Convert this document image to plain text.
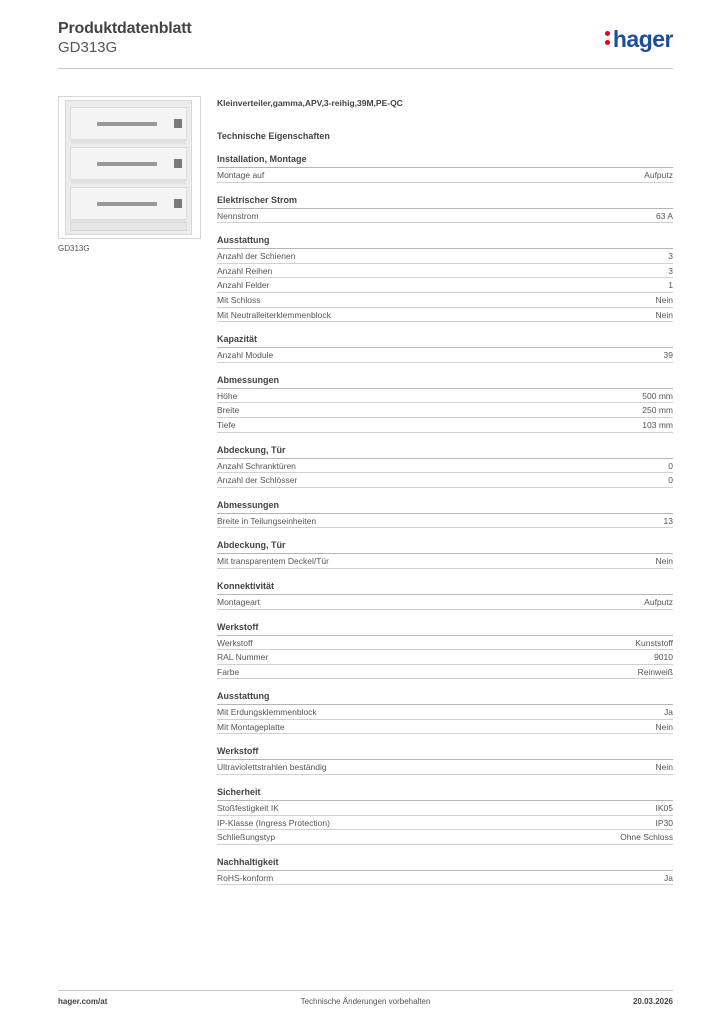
Produktdatenblatt
GD313G	hager
GD313G
Kleinverteiler,gamma,APV,3-reihig,39M,PE-QC
Technische Eigenschaften
Installation, Montage
Montage auf	Aufputz
Elektrischer Strom
Nennstrom	63 A
Ausstattung
Anzahl der Schienen	3
Anzahl Reihen	3
Anzahl Felder	1
Mit Schloss	Nein
Mit Neutralleiterklemmenblock	Nein
Kapazität
Anzahl Module	39
Abmessungen
Höhe	500 mm
Breite	250 mm
Tiefe	103 mm
Abdeckung, Tür
Anzahl Schranktüren	0
Anzahl der Schlösser	0
Abmessungen
Breite in Teilungseinheiten	13
Abdeckung, Tür
Mit transparentem Deckel/Tür	Nein
Konnektivität
Montageart	Aufputz
Werkstoff
Werkstoff	Kunststoff
RAL Nummer	9010
Farbe	Reinweiß
Ausstattung
Mit Erdungsklemmenblock	Ja
Mit Montageplatte	Nein
Werkstoff
Ultraviolettstrahlen beständig	Nein
Sicherheit
Stoßfestigkeit IK	IK05
IP-Klasse (Ingress Protection)	IP30
Schließungstyp	Ohne Schloss
Nachhaltigkeit
RoHS-konform	Ja
hager.com/at	Technische Änderungen vorbehalten	20.03.2026
